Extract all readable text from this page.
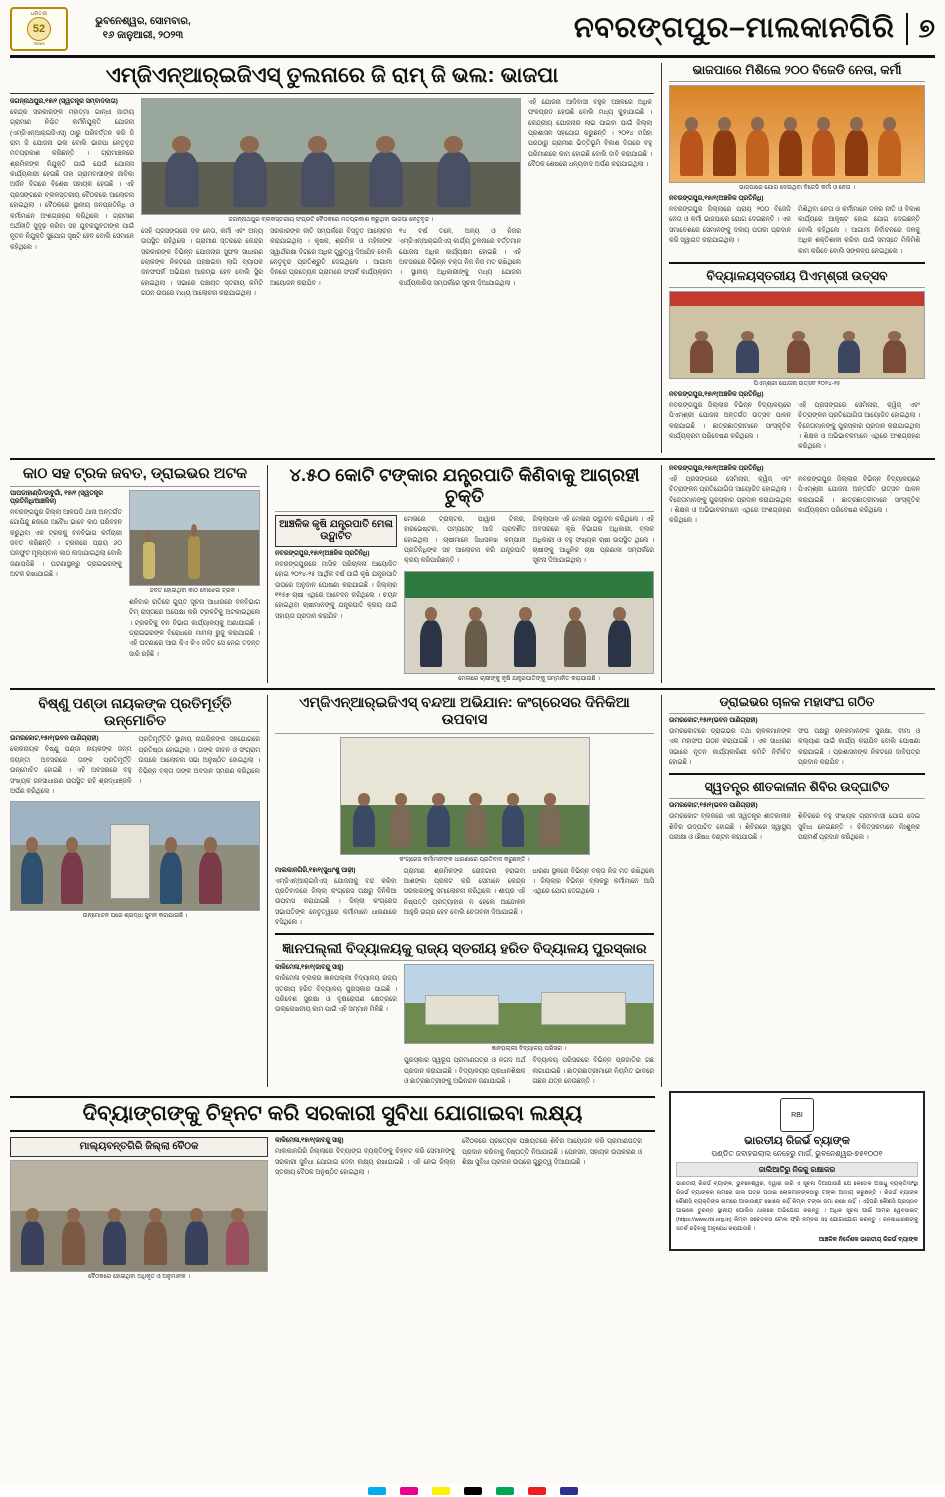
ଧରିତ୍ରୀ
52
Years
ଭୁବନେଶ୍ୱର, ସୋମବାର,
୧୬ ଜାନୁଆରୀ, ୨୦୨୩	ନବରଙ୍ଗପୁର–ମାଲକାନଗିରି ୭
ଏମ୍‌ଜିଏନ୍‌ଆର୍‌ଇଜିଏସ୍ ତୁଲନାରେ ଜି ରାମ୍ ଜି ଭଲ: ଭାଜପା
ଜଗନ୍ନାଥପୁର,୧୫ା୧ (ସ୍ୱତନ୍ତ୍ର ସମ୍ବାଦଦାତା)
କେନ୍ଦ୍ର ସରକାରଙ୍କ ମହାତ୍ମା ଗାନ୍ଧୀ ଜାତୀୟ ଗ୍ରାମୀଣ ନିଶ୍ଚିତ କର୍ମନିଯୁକ୍ତି ଯୋଜନା (ଏମ୍‌ଜିଏନ୍‌ଆର୍‌ଇଜିଏସ୍) ଠାରୁ ପରିବର୍ତ୍ତନ କରି ଜି ରାମ ଜି ଯୋଜନା ଭଲ ବୋଲି ଭାଜପା ନେତୃବୃନ୍ଦ ମତପ୍ରକାଶ କରିଛନ୍ତି । ଗ୍ରାମାଞ୍ଚଳରେ ଶ୍ରମିକଙ୍କ ନିଯୁକ୍ତି ପାଇଁ ଯେଉଁ ଯୋଜନା କାର୍ଯ୍ୟକାରୀ ହେଉଛି ତାହା ଗ୍ରାମବାସୀଙ୍କ ଜୀବିକା ଅର୍ଜନ ଦିଗରେ ବିଶେଷ ସହାୟକ ହେଉଛି । ଏହି ପ୍ରସଙ୍ଗରେ ବ୍ଲକସ୍ତରୀୟ ବୈଠକରେ ଆଲୋଚନା ହୋଇଥିଲା । ବୈଠକରେ ସ୍ଥାନୀୟ ଜନପ୍ରତିନିଧି ଓ କର୍ମୀମାନେ ଅଂଶଗ୍ରହଣ କରିଥିଲେ । ଗ୍ରାମୀଣ ଅର୍ଥନୀତି ସୁଦୃଢ଼ କରିବା ସହ ଯୁବକଯୁବତୀଙ୍କ ପାଇଁ ନୂତନ ନିଯୁକ୍ତି ସୁଯୋଗ ସୃଷ୍ଟି ହେବ ବୋଲି ସେମାନେ କହିଥିଲେ ।
ଜଗନ୍ନାଥପୁର ବ୍ଲକସ୍ତରୀୟ ସଂପ୍ରତି ବୈଠକରେ ମତପ୍ରକାଶ କରୁଥିବା ଭାଜପା ନେତୃବୃନ୍ଦ ।
ସେହି ପ୍ରସଙ୍ଗରେ ଦଳ ନେତା, କର୍ମୀ ଏବଂ ଅନ୍ୟ ଉପସ୍ଥିତ ରହିଥିଲେ । ଗ୍ରାମୀଣ ସ୍ତରରେ କେନ୍ଦ୍ର ସରକାରଙ୍କ ବିଭିନ୍ନ ଯୋଜନାର ସୁଫଳ ସାଧାରଣ ଲୋକଙ୍କ ନିକଟରେ ପହଞ୍ଚାଇବା ଲାଗି ବ୍ୟାପକ ଜନସଂପର୍କ ଅଭିଯାନ ଆରମ୍ଭ ହେବ ବୋଲି ସ୍ଥିର ହୋଇଥିଲା । ସଭାରେ ପଞ୍ଚାୟତ ସ୍ତରୀୟ କମିଟି ଗଠନ ଉପରେ ମଧ୍ୟ ଆଲୋଚନା କରାଯାଇଥିଲା ।
ସରକାରଙ୍କ ନୀତି ସମ୍ପର୍କରେ ବିସ୍ତୃତ ଆଲୋଚନା କରାଯାଇଥିଲା । କୃଷକ, ଶ୍ରମିକ ଓ ମହିଳାଙ୍କ ସ୍ୱାର୍ଥରକ୍ଷା ଦିଗରେ ଅଧିକ ଗୁରୁତ୍ୱ ଦିଆଯିବ ବୋଲି ନେତୃବୃନ୍ଦ ପ୍ରତିଶ୍ରୁତି ଦେଇଥିଲେ । ଆଗାମୀ ଦିନରେ ପ୍ରତ୍ୟେକ ଗ୍ରାମରେ ସଂପର୍କ କାର୍ଯ୍ୟକ୍ରମ ଆୟୋଜନ କରାଯିବ ।
୧୪ ବର୍ଷ ତଳେ, ଅନ୍ୟ ଓ ନିଜର ଏମ୍‌ଜିଏନ୍‌ଆର୍‌ଇଜିଏସ୍ କାର୍ଯ୍ୟ ତୁଳନାରେ ବର୍ତ୍ତମାନ ଯୋଜନା ଅଧିକ କାର୍ଯ୍ୟକ୍ଷମ ହୋଇଛି । ଏହି ଅବସରରେ ବିଭିନ୍ନ ବକ୍ତା ନିଜ ନିଜ ମତ ରଖିଥିଲେ । ସ୍ଥାନୀୟ ଅଧିକାରୀଙ୍କୁ ମଧ୍ୟ ଯୋଜନା କାର୍ଯ୍ୟକାରିତା ସମ୍ପର୍କରେ ସୂଚନା ଦିଆଯାଇଥିଲା ।
ଏହି ଯୋଜନା ଆଦିବାସୀ ବହୁଳ ଅଞ୍ଚଳରେ ଅଧିକ ଫଳପ୍ରଦ ହେଉଛି ବୋଲି ମଧ୍ୟ କୁହାଯାଇଛି । କେନ୍ଦ୍ରୀୟ ଯୋଜନାର ଲାଭ ପାଇବା ପାଇଁ ଜିଲ୍ଲା ପ୍ରଶାସନ ସହଯୋଗ କରୁଛନ୍ତି । ୨୦୧୪ ମସିହା ପରଠାରୁ ଗ୍ରାମୀଣ ଭିତ୍ତିଭୂମି ବିକାଶ ଦିଗରେ ବହୁ ପରିମାଣରେ କାମ ହୋଇଛି ବୋଲି ଦାବି କରାଯାଇଛି । ବୈଠକ ଶେଷରେ ଧନ୍ୟବାଦ ଅର୍ପଣ କରାଯାଇଥିଲା ।
ଭାଜପାରେ ମିଶିଲେ ୨୦୦ ବିଜେଡି ନେତା, କର୍ମୀ
ଭାଜପାରେ ଯୋଗ ଦେଉଥିବା ବିଜେଡି କର୍ମୀ ଓ ନେତା ।
ନବରଙ୍ଗପୁର,୧୫ା୧(ଅଞ୍ଚଳିକ ପ୍ରତିନିଧି)
ନବରଙ୍ଗପୁର ଜିଲ୍ଲାରେ ପ୍ରାୟ ୨୦୦ ବିଜେଡି ନେତା ଓ କର୍ମୀ ଭାଜପାରେ ଯୋଗ ଦେଇଛନ୍ତି । ଏକ ସମାବେଶରେ ସେମାନଙ୍କୁ ଦଳୀୟ ପତାକା ପ୍ରଦାନ କରି ସ୍ୱାଗତ କରାଯାଇଥିଲା ।
ମିଶିଥିବା ନେତା ଓ କର୍ମୀମାନେ ଦଳର ନୀତି ଓ ବିକାଶ କାର୍ଯ୍ୟରେ ଆକୃଷ୍ଟ ହୋଇ ଯୋଗ ଦେଇଛନ୍ତି ବୋଲି କହିଥିଲେ । ଆଗାମୀ ନିର୍ବାଚନରେ ଦଳକୁ ଅଧିକ ଶକ୍ତିଶାଳୀ କରିବା ପାଇଁ ସମସ୍ତେ ମିଳିମିଶି କାମ କରିବେ ବୋଲି ସଙ୍କଳ୍ପ ନେଇଥିଲେ ।
ବିଦ୍ୟାଳୟସ୍ତରୀୟ ପିଏମ୍‌ଶ୍ରୀ ଉତ୍ସବ
ପିଏମ୍‌ଶ୍ରୀ ଯୋଜନା ଉତ୍ସବ ୨୦୨୪-୨୫
ନବରଙ୍ଗପୁର,୧୫ା୧(ଅଞ୍ଚଳିକ ପ୍ରତିନିଧି)
ନବରଙ୍ଗପୁର ଜିଲ୍ଲାର ବିଭିନ୍ନ ବିଦ୍ୟାଳୟରେ ପିଏମ୍‌ଶ୍ରୀ ଯୋଜନା ଅନ୍ତର୍ଗତ ଉତ୍ସବ ପାଳନ କରାଯାଇଛି । ଛାତ୍ରଛାତ୍ରୀମାନେ ସାଂସ୍କୃତିକ କାର୍ଯ୍ୟକ୍ରମ ପରିବେଷଣ କରିଥିଲେ ।
ଏହି ପ୍ରସଙ୍ଗରେ ସେମିନାର, କ୍ୱିଜ୍ ଏବଂ ଚିତ୍ରାଙ୍କନ ପ୍ରତିଯୋଗିତା ଆୟୋଜିତ ହୋଇଥିଲା । ବିଜେତାମାନଙ୍କୁ ପୁରସ୍କାର ପ୍ରଦାନ କରାଯାଇଥିଲା । ଶିକ୍ଷକ ଓ ଅଭିଭାବକମାନେ ଏଥିରେ ଅଂଶଗ୍ରହଣ କରିଥିଲେ ।
କାଠ ସହ ଟ୍ରକ ଜବତ, ଡ୍ରାଇଭର ଅଟକ
ପାପଡାହାଣ୍ଡି/ଡାବୁଗାଁ, ୧୫ା୧ (ସ୍ୱତନ୍ତ୍ର ପ୍ରତିନିଧି/ଆଞ୍ଚଳିକ)
ନବରଙ୍ଗପୁର ଜିଲ୍ଲା ଆଳପଡି ଥାନା ଅନ୍ତର୍ଗତ ଗୋପିନ୍ଦୁ ଛକରେ ଅବୈଧ ଭାବେ କାଠ ପରିବହନ କରୁଥିବା ଏକ ଟ୍ରକକୁ ବନବିଭାଗ କର୍ମଚାରୀ ଜବତ କରିଛନ୍ତି । ଟ୍ରକରେ ପ୍ରାୟ ୬୦ ଘନଫୁଟ ମୂଲ୍ୟବାନ କାଠ ଲଦାଯାଇଥିଲା ବୋଲି ଜଣାପଡିଛି । ଘଟଣାସ୍ଥଳରୁ ଡ୍ରାଇଭରଙ୍କୁ ଅଟକ ରଖାଯାଇଛି ।
ଜବତ ହୋଇଥିବା କାଠ ବୋଝେଇ ଟ୍ରକ ।
ଶନିବାର ରାତିରେ ଗୁପ୍ତ ସୂଚନା ଆଧାରରେ ବନବିଭାଗ ଟିମ୍ ରାସ୍ତାରେ ଅପେକ୍ଷା କରି ଟ୍ରକଟିକୁ ଅଟକାଇଥିଲେ । ଟ୍ରକଟିକୁ ବନ ବିଭାଗ କାର୍ଯ୍ୟାଳୟକୁ ଅଣାଯାଇଛି । ଡ୍ରାଇଭରଙ୍କ ବିରୋଧରେ ମାମଲା ରୁଜୁ କରାଯାଇଛି । ଏହି ଘଟଣାରେ ଆଉ କିଏ କିଏ ଜଡିତ ସେ ନେଇ ତଦନ୍ତ ଜାରି ରହିଛି ।
୪.୫୦ କୋଟି ଟଙ୍କାର ଯନ୍ତ୍ରପାତି କିଣିବାକୁ ଆଗ୍ରହୀ ଚୁକ୍ତି
ଆଞ୍ଚଳିକ କୃଷି ଯନ୍ତ୍ରପାତି ମେଳା ଉଦ୍ଘାଟିତ
ନବରଙ୍ଗପୁର,୧୫ା୧(ଅଞ୍ଚଳିକ ପ୍ରତିନିଧି)
ନବରଙ୍ଗପୁରରେ ମାସିକ ପରିଚାଳନା ଆୟୋଜିତ ହୋଇ ୨୦୨୪-୨୫ ଆର୍ଥିକ ବର୍ଷ ପାଇଁ କୃଷି ଯନ୍ତ୍ରପାତି ଉପରେ ଅନୁଦାନ ଘୋଷଣା କରାଯାଇଛି । ଜିଲ୍ଲାର ୧୧୫୭ ଚାଷୀ ଏଥିରେ ଆବେଦନ କରିଥିଲେ । ଚୟନ ହୋଇଥିବା ଚାଷୀମାନଙ୍କୁ ଯନ୍ତ୍ରପାତି କ୍ରୟ ପାଇଁ ସହାୟତା ପ୍ରଦାନ କରାଯିବ ।
ମେଳାରେ ଟ୍ରାକ୍ଟର, ପାୱାର ଟିଲର, ହାରଭେଷ୍ଟର, ପମ୍ପସେଟ୍ ଆଦି ପ୍ରଦର୍ଶିତ ହୋଇଥିଲା । ଚାଷୀମାନେ ସିଧାସଳଖ କମ୍ପାନୀ ପ୍ରତିନିଧିଙ୍କ ସହ ଆଲୋଚନା କରି ଯନ୍ତ୍ରପାତି କ୍ରୟ କରିପାରିଛନ୍ତି ।
ଜିଲ୍ଲାପାଳ ଏହି ମେଳାର ଉଦ୍ଘାଟନ କରିଥିଲେ । ଏହି ଅବସରରେ କୃଷି ବିଭାଗର ଅଧିକାରୀ, ବ୍ଲକ ଅଧିକାରୀ ଓ ବହୁ ସଂଖ୍ୟକ ଚାଷୀ ଉପସ୍ଥିତ ଥିଲେ । ଚାଷୀଙ୍କୁ ଆଧୁନିକ ଚାଷ ପ୍ରଣାଳୀ ସମ୍ପର୍କରେ ସୂଚନା ଦିଆଯାଇଥିଲା ।
ମେଳାରେ ଚାଷୀଙ୍କୁ କୃଷି ଯନ୍ତ୍ରପାତିଙ୍କୁ ସମ୍ମାନିତ କରାଯାଉଛି ।
ନବରଙ୍ଗପୁର,୧୫ା୧(ଅଞ୍ଚଳିକ ପ୍ରତିନିଧି)
ଏହି ପ୍ରସଙ୍ଗରେ ସେମିନାର, କ୍ୱିଜ୍ ଏବଂ ଚିତ୍ରାଙ୍କନ ପ୍ରତିଯୋଗିତା ଆୟୋଜିତ ହୋଇଥିଲା । ବିଜେତାମାନଙ୍କୁ ପୁରସ୍କାର ପ୍ରଦାନ କରାଯାଇଥିଲା । ଶିକ୍ଷକ ଓ ଅଭିଭାବକମାନେ ଏଥିରେ ଅଂଶଗ୍ରହଣ କରିଥିଲେ ।
ନବରଙ୍ଗପୁର ଜିଲ୍ଲାର ବିଭିନ୍ନ ବିଦ୍ୟାଳୟରେ ପିଏମ୍‌ଶ୍ରୀ ଯୋଜନା ଅନ୍ତର୍ଗତ ଉତ୍ସବ ପାଳନ କରାଯାଇଛି । ଛାତ୍ରଛାତ୍ରୀମାନେ ସାଂସ୍କୃତିକ କାର୍ଯ୍ୟକ୍ରମ ପରିବେଷଣ କରିଥିଲେ ।
ବିଷ୍ଣୁ ପଣ୍ଡା ନାୟକଙ୍କ ପ୍ରତିମୂର୍ତ୍ତି ଉନ୍ମୋଚିତ
ଉମରକୋଟ,୧୫ା୧(ଭବନ ପାଣିଗ୍ରାହୀ)
ଲୋକନାୟକ ବିଷ୍ଣୁ ପଣ୍ଡା ନାୟକଙ୍କ ଜନ୍ମ ଜୟନ୍ତୀ ଅବସରରେ ତାଙ୍କ ପ୍ରତିମୂର୍ତ୍ତି ଉନ୍ମୋଚିତ ହୋଇଛି । ଏହି ଅବସରରେ ବହୁ ସଂଖ୍ୟକ ଜନସାଧାରଣ ଉପସ୍ଥିତ ରହି ଶ୍ରଦ୍ଧାଞ୍ଜଳି ଅର୍ପଣ କରିଥିଲେ ।
ପ୍ରତିମୂର୍ତ୍ତିଟି ସ୍ଥାନୀୟ ନାଗରିକଙ୍କ ସହଯୋଗରେ ପ୍ରତିଷ୍ଠା ହୋଇଥିଲା । ତାଙ୍କ ଜୀବନ ଓ ସଂଗ୍ରାମ ଉପରେ ଆଲୋଚନା ସଭା ଅନୁଷ୍ଠିତ ହୋଇଥିଲା । ବିଭିନ୍ନ ବକ୍ତା ତାଙ୍କ ଅବଦାନ ସ୍ମରଣ କରିଥିଲେ ।
ଉନ୍ମୋଚନ ପରେ ଶ୍ରଦ୍ଧା ସୁମନ କରାଯାଇଛି ।
ଏମ୍‌ଜିଏନ୍‌ଆର୍‌ଇଜିଏସ୍ ବନ୍ଦଆ ଅଭିଯାନ: କଂଗ୍ରେସର ଦିନିକିଆ ଉପବାସ
କଂଗ୍ରେସ କର୍ମୀମାନଙ୍କ ଧାରଣାରେ ପ୍ରତିବାଦ କରୁଛନ୍ତି ।
ମାଲକାନଗିରି,୧୫ା୧(ସୁଧାଂଶୁ ପାଢ଼ୀ)
ଏମ୍‌ଜିଏନ୍‌ଆର୍‌ଇଜିଏସ୍ ଯୋଜନାକୁ ବନ୍ଦ କରିବା ପ୍ରତିବାଦରେ ଜିଲ୍ଲା କଂଗ୍ରେସ ପକ୍ଷରୁ ଦିନିକିଆ ଉପବାସ କରାଯାଇଛି । ଜିଲ୍ଲା କଂଗ୍ରେସ ସଭାପତିଙ୍କ ନେତୃତ୍ୱରେ କର୍ମୀମାନେ ଧାରଣାରେ ବସିଥିଲେ ।
ଗ୍ରାମୀଣ ଶ୍ରମିକଙ୍କ ରୋଜଗାର ହରାଇବା ଆଶଙ୍କା ପ୍ରକଟ କରି ସେମାନେ କେନ୍ଦ୍ର ସରକାରଙ୍କୁ ସମାଲୋଚନା କରିଥିଲେ । ଶୀଘ୍ର ଏହି ନିଷ୍ପତ୍ତି ପ୍ରତ୍ୟାହାର ନ ହେଲେ ଆନ୍ଦୋଳନ ଆହୁରି ଉଗ୍ର ହେବ ବୋଲି ଚେତାବନୀ ଦିଆଯାଇଛି ।
ଧାରଣା ସ୍ଥଳରେ ବିଭିନ୍ନ ବକ୍ତା ନିଜ ମତ ରଖିଥିଲେ । ଜିଲ୍ଲାର ବିଭିନ୍ନ ବ୍ଲକରୁ କର୍ମୀମାନେ ଆସି ଏଥିରେ ଯୋଗ ଦେଇଥିଲେ ।
ଜ୍ଞାନପଲ୍ଲୀ ବିଦ୍ୟାଳୟକୁ ରାଜ୍ୟ ସ୍ତରୀୟ ହରିତ ବିଦ୍ୟାଳୟ ପୁରସ୍କାର
କାଳିମେଳା,୧୫ା୧(ଜାବନ୍ଦୁ ସାହୁ)
କାଳିମେଳା ବ୍ଲକର ଜ୍ଞାନପଲ୍ଲୀ ବିଦ୍ୟାଳୟ ରାଜ୍ୟ ସ୍ତରୀୟ ହରିତ ବିଦ୍ୟାଳୟ ପୁରସ୍କାର ପାଇଛି । ପରିବେଶ ସୁରକ୍ଷା ଓ ବୃକ୍ଷରୋପଣ କ୍ଷେତ୍ରରେ ଉଲ୍ଲେଖନୀୟ କାମ ପାଇଁ ଏହି ସମ୍ମାନ ମିଳିଛି ।
ଜ୍ଞାନପଲ୍ଲୀ ବିଦ୍ୟାଳୟ ପରିସର ।
ପୁରସ୍କାର ସ୍ୱରୂପ ପ୍ରମାଣପତ୍ର ଓ ନଗଦ ଅର୍ଥ ପ୍ରଦାନ କରାଯାଇଛି । ବିଦ୍ୟାଳୟର ପ୍ରଧାନଶିକ୍ଷକ ଓ ଛାତ୍ରଛାତ୍ରୀଙ୍କୁ ଅଭିନନ୍ଦନ ଜଣାଯାଇଛି ।
ବିଦ୍ୟାଳୟ ପରିସରରେ ବିଭିନ୍ନ ପ୍ରଜାତିର ଗଛ ଲଗାଯାଇଛି । ଛାତ୍ରଛାତ୍ରୀମାନେ ନିୟମିତ ଭାବରେ ଗଛର ଯତ୍ନ ନେଉଛନ୍ତି ।
ଡ୍ରାଇଭର ଚାଳକ ମହାସଂଘ ଗଠିତ
ଉମରକୋଟ,୧୫ା୧(ଭବନ ପାଣିଗ୍ରାହୀ)
ଉମରକୋଟରେ ଡ୍ରାଇଭର ତଥା ଚାଳକମାନଙ୍କ ଏକ ମହାସଂଘ ଗଠନ କରାଯାଇଛି । ଏକ ସାଧାରଣ ସଭାରେ ନୂତନ କାର୍ଯ୍ୟକାରିଣୀ କମିଟି ନିର୍ବାଚିତ ହୋଇଛି ।
ସଂଘ ପକ୍ଷରୁ ଚାଳକମାନଙ୍କ ସୁରକ୍ଷା, ବୀମା ଓ କଲ୍ୟାଣ ପାଇଁ କାର୍ଯ୍ୟ କରାଯିବ ବୋଲି ଘୋଷଣା କରାଯାଇଛି । ପ୍ରଶାସନଙ୍କ ନିକଟରେ ଦାବିପତ୍ର ପ୍ରଦାନ କରାଯିବ ।
ସ୍ୱତନ୍ତ୍ର ଶୀତକାଳୀନ ଶିବିର ଉଦ୍‌ଘାଟିତ
ଉମରକୋଟ,୧୫ା୧(ଭବନ ପାଣିଗ୍ରାହୀ)
ଉମରକୋଟ ବ୍ଲକରେ ଏକ ସ୍ୱତନ୍ତ୍ର ଶୀତକାଳୀନ ଶିବିର ଉଦ୍‌ଘାଟିତ ହୋଇଛି । ଶିବିରରେ ସ୍ୱାସ୍ଥ୍ୟ ପରୀକ୍ଷା ଓ ଔଷଧ ବଣ୍ଟନ କରାଯାଉଛି ।
ଶିବିରରେ ବହୁ ସଂଖ୍ୟକ ଗ୍ରାମବାସୀ ଯୋଗ ଦେଇ ସୁବିଧା ନେଇଛନ୍ତି । ଚିକିତ୍ସକମାନେ ନିଃଶୁଳ୍କ ପରାମର୍ଶ ପ୍ରଦାନ କରିଥିଲେ ।
ଦିବ୍ୟାଙ୍ଗଙ୍କୁ ଚିହ୍ନଟ କରି ସରକାରୀ ସୁବିଧା ଯୋଗାଇବା ଲକ୍ଷ୍ୟ
ମାଲ୍ୟବନ୍ତଗିରି ଜିଲ୍ଲା ବୈଠକ
ବୈଠକରେ ହୋଇଥିବା ଅଧିକୃତ ଓ ଅନୁମାନକ ।
କାଳିମେଳା,୧୫ା୧(ଜାବନ୍ଦୁ ସାହୁ)
ମାଲକାନଗିରି ଜିଲ୍ଲାରେ ଦିବ୍ୟାଙ୍ଗ ବ୍ୟକ୍ତିଙ୍କୁ ଚିହ୍ନଟ କରି ସେମାନଙ୍କୁ ସରକାରୀ ସୁବିଧା ଯୋଗାଇ ଦେବା ଲକ୍ଷ୍ୟ ରଖାଯାଇଛି । ଏହି ନେଇ ଜିଲ୍ଲା ସ୍ତରୀୟ ବୈଠକ ଅନୁଷ୍ଠିତ ହୋଇଥିଲା ।
ବୈଠକରେ ପ୍ରତ୍ୟେକ ପଞ୍ଚାୟତରେ ଶିବିର ଆୟୋଜନ କରି ପ୍ରମାଣପତ୍ର ପ୍ରଦାନ କରିବାକୁ ନିଷ୍ପତ୍ତି ନିଆଯାଇଛି । ପେନସନ, ସହାୟକ ଉପକରଣ ଓ ଶିକ୍ଷା ସୁବିଧା ପ୍ରଦାନ ଉପରେ ଗୁରୁତ୍ୱ ଦିଆଯାଇଛି ।
RBI
ଭାରତୀୟ ରିଜର୍ଭ ବ୍ୟାଙ୍କ
ପଣ୍ଡିତ ଜବାହରଲାଲ ନେହେରୁ ମାର୍ଗ, ଭୁବନେଶ୍ୱର-୭୫୧୦୦୧
ଜାଲିଆତିରୁ ନିଜକୁ ରକ୍ଷାକର
ଭାରତୀୟ ରିଜର୍ଭ ବ୍ୟାଙ୍କ, ଭୁବନେଶ୍ୱର, ଦ୍ୱାରା ଜାରି ଏ ସୂଚନା ଦିଆଯାଉଛି ଯେ କେତେକ ଅସାଧୁ ବ୍ୟକ୍ତି/ସଂସ୍ଥା ରିଜର୍ଭ ବ୍ୟାଙ୍କର ନାମରେ ଜାଲ ପତ୍ର ପଠାଇ ଲୋକମାନଙ୍କଠାରୁ ଟଙ୍କା ଆଦାୟ କରୁଛନ୍ତି । ରିଜର୍ଭ ବ୍ୟାଙ୍କ କୌଣସି ବ୍ୟକ୍ତିଙ୍କ ନାମରେ ଆକାଉଣ୍ଟ ଖୋଲେ ନାହିଁ କିମ୍ବା ଟଙ୍କା ଜମା ରଖେ ନାହିଁ । ଏହିପରି କୌଣସି ପ୍ରସ୍ତାବ ପାଇଲେ ତୁରନ୍ତ ସ୍ଥାନୀୟ ପୋଲିସ ଥାନାରେ ଅଭିଯୋଗ କରନ୍ତୁ । ଅଧିକ ସୂଚନା ପାଇଁ ଆମର ୱେବସାଇଟ୍ (https://www.rbi.org.in) କିମ୍ବା ସଚେତନତା ଟୋଲ ଫ୍ରି ନମ୍ବର ସହ ଯୋଗାଯୋଗ କରନ୍ତୁ । ଜନସାଧାରଣଙ୍କୁ ସତର୍କ ରହିବାକୁ ଅନୁରୋଧ କରାଯାଉଛି ।
ଆଞ୍ଚଳିକ ନିର୍ଦ୍ଦେଶକ ଭାରତୀୟ ରିଜର୍ଭ ବ୍ୟାଙ୍କ
